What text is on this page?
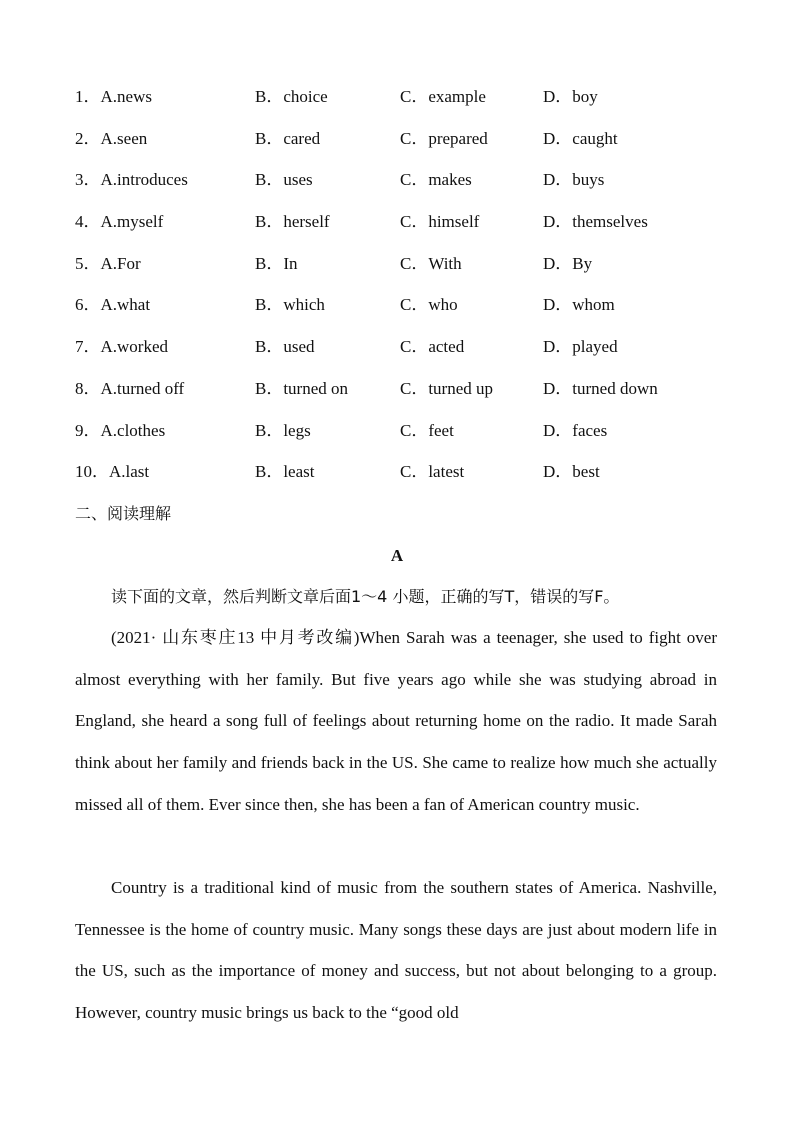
1．A.news	B．choice	C．example	D．boy
2．A.seen	B．cared	C．prepared	D．caught
3．A.introduces	B．uses	C．makes	D．buys
4．A.myself	B．herself	C．himself	D．themselves
5．A.For	B．In	C．With	D．By
6．A.what	B．which	C．who	D．whom
7．A.worked	B．used	C．acted	D．played
8．A.turned off	B．turned on	C．turned up	D．turned down
9．A.clothes	B．legs	C．feet	D．faces
10．A.last	B．least	C．latest	D．best
二、阅读理解
A
读下面的文章，然后判断文章后面1～4 小题，正确的写T，错误的写F。

(2021· 山东枣庄13 中月考改编)When Sarah was a teenager, she used to fight over almost everything with her family. But five years ago while she was studying abroad in England, she heard a song full of feelings about returning home on the radio. It made Sarah think about her family and friends back in the US. She came to realize how much she actually missed all of them. Ever since then, she has been a fan of American country music.

Country is a traditional kind of music from the southern states of America. Nashville, Tennessee is the home of country music. Many songs these days are just about modern life in the US, such as the importance of money and success, but not about belonging to a group. However, country music brings us back to the “good old
